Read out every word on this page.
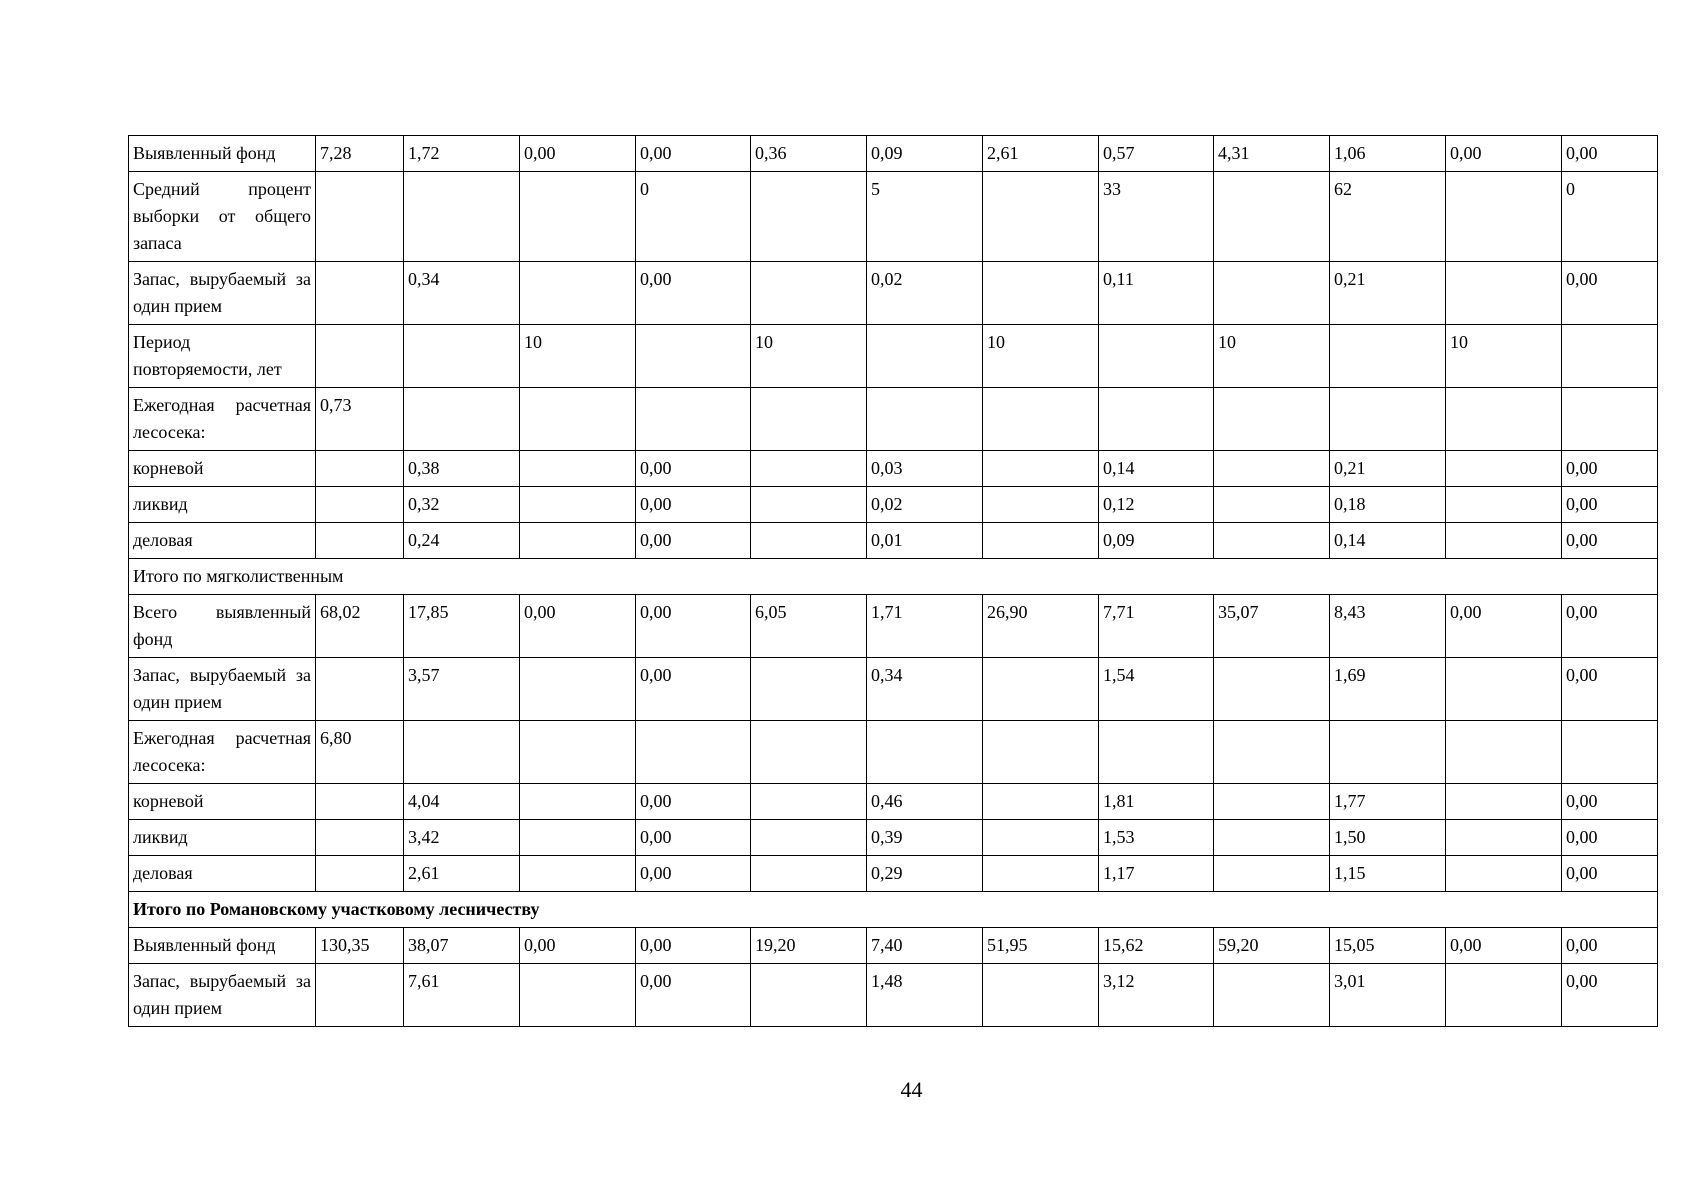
Выявленный фонд	7,28	1,72	0,00	0,00	0,36	0,09	2,61	0,57	4,31	1,06	0,00	0,00
Средний процент выборки от общего запаса				0		5		33		62		0
Запас, вырубаемый за один прием		0,34		0,00		0,02		0,11		0,21		0,00
Период повторяемости, лет			10		10		10		10		10	
Ежегодная расчетная лесосека:	0,73											
корневой		0,38		0,00		0,03		0,14		0,21		0,00
ликвид		0,32		0,00		0,02		0,12		0,18		0,00
деловая		0,24		0,00		0,01		0,09		0,14		0,00
Итого по мягколиственным												
Всего выявленный фонд	68,02	17,85	0,00	0,00	6,05	1,71	26,90	7,71	35,07	8,43	0,00	0,00
Запас, вырубаемый за один прием		3,57		0,00		0,34		1,54		1,69		0,00
Ежегодная расчетная лесосека:	6,80											
корневой		4,04		0,00		0,46		1,81		1,77		0,00
ликвид		3,42		0,00		0,39		1,53		1,50		0,00
деловая		2,61		0,00		0,29		1,17		1,15		0,00
Итого по Романовскому участковому лесничеству												
Выявленный фонд	130,35	38,07	0,00	0,00	19,20	7,40	51,95	15,62	59,20	15,05	0,00	0,00
Запас, вырубаемый за один прием		7,61		0,00		1,48		3,12		3,01		0,00
44
